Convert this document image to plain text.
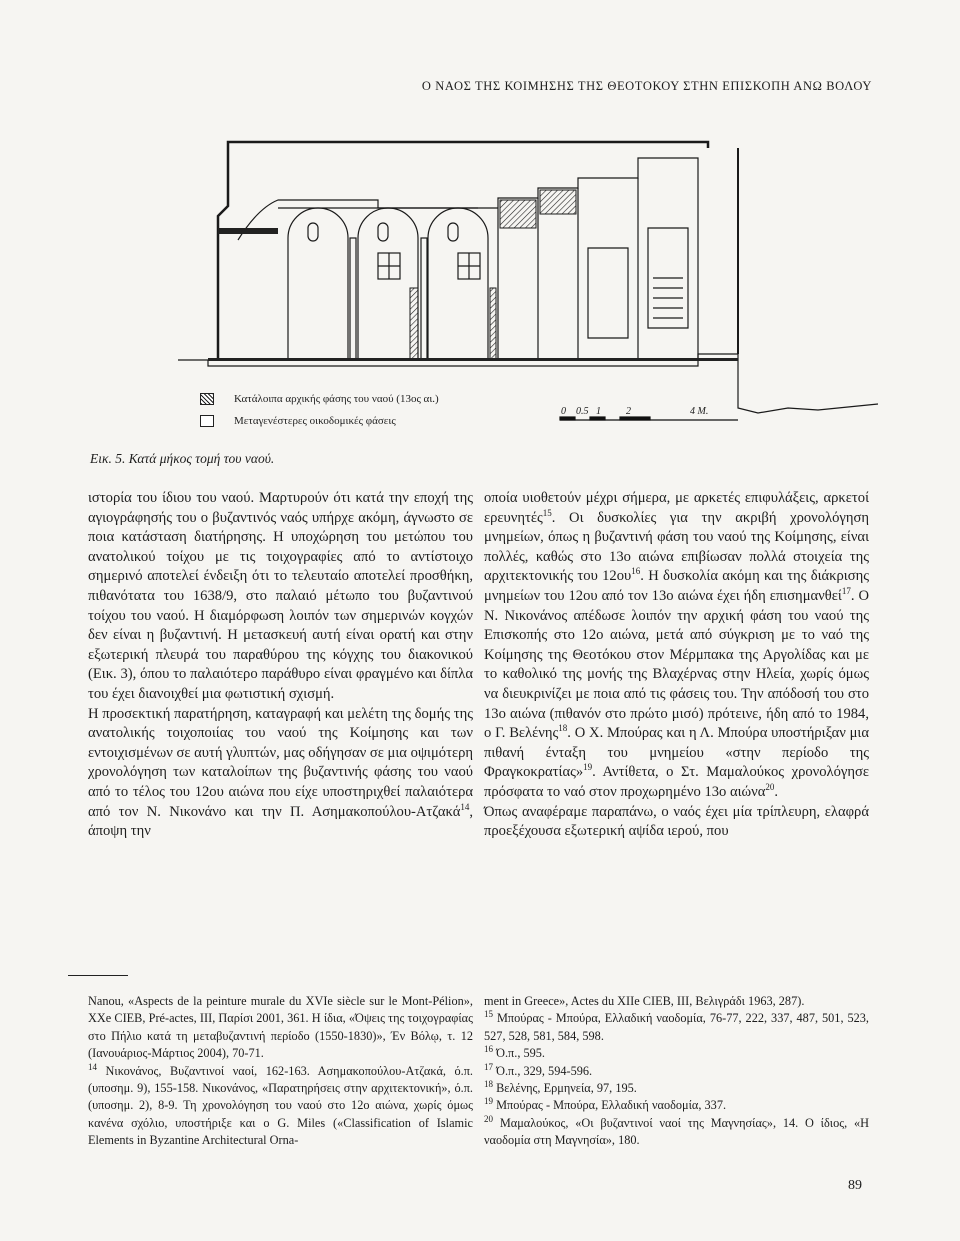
Ο ΝΑΟΣ ΤΗΣ ΚΟΙΜΗΣΗΣ ΤΗΣ ΘΕΟΤΟΚΟΥ ΣΤΗΝ ΕΠΙΣΚΟΠΗ ΑΝΩ ΒΟΛΟΥ
0 0.5 1	2	4 Μ.
Κατάλοιπα αρχικής φάσης του ναού (13ος αι.)
Μεταγενέστερες οικοδομικές φάσεις
Εικ. 5. Κατά μήκος τομή του ναού.

ιστορία του ίδιου του ναού. Μαρτυρούν ότι κατά την εποχή της αγιογράφησής του ο βυζαντινός ναός υπήρχε ακόμη, άγνωστο σε ποια κατάσταση διατήρησης. Η υποχώρηση του μετώπου του ανατολικού τοίχου με τις τοιχογραφίες από το αντίστοιχο σημερινό αποτελεί ένδειξη ότι το τελευταίο αποτελεί προσθήκη, πιθανότατα του 1638/9, στο παλαιό μέτωπο του βυζαντινού τοίχου του ναού. Η διαμόρφωση λοιπόν των σημερινών κογχών δεν είναι η βυζαντινή. Η μετασκευή αυτή είναι ορατή και στην εξωτερική πλευρά του παραθύρου της κόγχης του διακονικού (Εικ. 3), όπου το παλαιότερο παράθυρο είναι φραγμένο και δίπλα του έχει διανοιχθεί μια φωτιστική σχισμή.

Η προσεκτική παρατήρηση, καταγραφή και μελέτη της δομής της ανατολικής τοιχοποιίας του ναού της Κοίμησης και των εντοιχισμένων σε αυτή γλυπτών, μας οδήγησαν σε μια οψιμότερη χρονολόγηση των καταλοίπων της βυζαντινής φάσης του ναού από το τέλος του 12ου αιώνα που είχε υποστηριχθεί παλαιότερα από τον Ν. Νικονάνο και την Π. Ασημακοπούλου-Ατζακά$^{14}$, άποψη την

οποία υιοθετούν μέχρι σήμερα, με αρκετές επιφυλάξεις, αρκετοί ερευνητές$^{15}$. Οι δυσκολίες για την ακριβή χρονολόγηση μνημείων, όπως η βυζαντινή φάση του ναού της Κοίμησης, είναι πολλές, καθώς στο 13ο αιώνα επιβίωσαν πολλά στοιχεία της αρχιτεκτονικής του $12o\upsilon^{16}$. Η δυσκολία ακόμη και της διάκρισης μνημείων του 12ου από τον 13ο αιώνα έχει ήδη επισημανθεί$^{17}$. Ο Ν. Νικονάνος απέδωσε λοιπόν την αρχική φάση του ναού της Επισκοπής στο 12ο αιώνα, μετά από σύγκριση με το ναό της Κοίμησης της Θεοτόκου στον Μέρμπακα της Αργολίδας και με το καθολικό της μονής της Βλαχέρνας στην Ηλεία, χωρίς όμως να διευκρινίζει με ποια από τις φάσεις του. Την απόδοσή του στο 13ο αιώνα (πιθανόν στο πρώτο μισό) πρότεινε, ήδη από το 1984, ο Γ. Βελένης$^{18}$. Ο Χ. Μπούρας και η Λ. Μπούρα υποστήριξαν μια πιθανή ένταξη του μνημείου «στην περίοδο της Φραγκοκρατίας»$^{19}$. Αντίθετα, ο Στ. Μαμαλούκος χρονολόγησε πρόσφατα το ναό στον προχωρημένο 13ο αιώνα$^{20}$.

Όπως αναφέραμε παραπάνω, ο ναός έχει μία τρίπλευρη, ελαφρά προεξέχουσα εξωτερική αψίδα ιερού, που

Nanou, «Aspects de la peinture murale du XVIe siècle sur le Mont-Pélion», XXe CIEB, Pré-actes, III, Παρίσι 2001, 361. Η ίδια, «Όψεις της τοιχογραφίας στο Πήλιο κατά τη μεταβυζαντινή περίοδο (1550-1830)», Έν Βόλῳ, τ. 12 (Ιανουάριος-Μάρτιος 2004), 70-71.

$^{14}$ Νικονάνος, Βυζαντινοί ναοί, 162-163. Ασημακοπούλου-Ατζακά, ό.π. (υποσημ. 9), 155-158. Νικονάνος, «Παρατηρήσεις στην αρχιτεκτονική», ό.π. (υποσημ. 2), 8-9. Τη χρονολόγηση του ναού στο 12ο αιώνα, χωρίς όμως κανένα σχόλιο, υποστήριξε και ο G. Miles («Classification of Islamic Elements in Byzantine Architectural Orna-

ment in Greece», Actes du XIIe CIEB, III, Βελιγράδι 1963, 287).

$^{15}$ Μπούρας - Μπούρα, Ελλαδική ναοδομία, 76-77, 222, 337, 487, 501, 523, 527, 528, 581, 584, 598.

$^{16}$ Ό.π., 595.

$^{17}$ Ό.π., 329, 594-596.

$^{18}$ Βελένης, Ερμηνεία, 97, 195.

$^{19}$ Μπούρας - Μπούρα, Ελλαδική ναοδομία, 337.

$^{20}$ Μαμαλούκος, «Οι βυζαντινοί ναοί της Μαγνησίας», 14. Ο ίδιος, «Η ναοδομία στη Μαγνησία», 180.

89
